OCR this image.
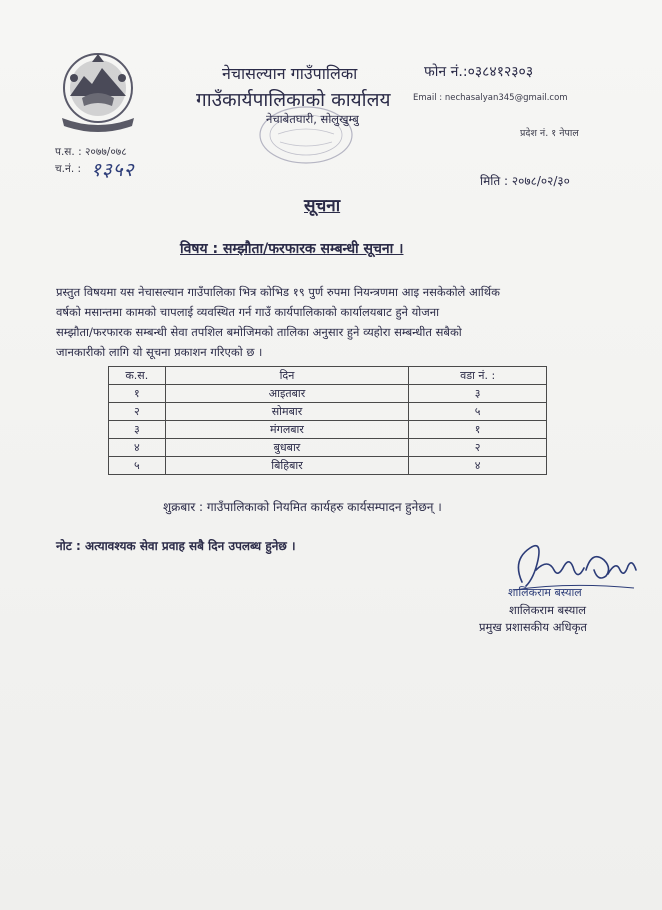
नेचासल्यान गाउँपालिका
गाउँकार्यपालिकाको कार्यालय
नेचाबेतघारी, सोलुखुम्बु
फोन नं.:०३८४१२३०३
Email : nechasalyan345@gmail.com
प्रदेश नं. १ नेपाल
प.स. : २०७७/०७८
च.नं. : १३५२	मिति : २०७८/०२/३०
सूचना
विषय : सम्झौता/फरफारक सम्बन्धी सूचना ।
प्रस्तुत विषयमा यस नेचासल्यान गाउँपालिका भित्र कोभिड १९ पुर्ण रुपमा नियन्त्रणमा आइ नसकेकोले आर्थिक
वर्षको मसान्तमा कामको चापलाई व्यवस्थित गर्न गाउँ कार्यपालिकाको कार्यालयबाट हुने योजना
सम्झौता/फरफारक सम्बन्धी सेवा तपशिल बमोजिमको तालिका अनुसार हुने व्यहोरा सम्बन्धीत सबैको
जानकारीको लागि यो सूचना प्रकाशन गरिएको छ ।
क.स.	दिन	वडा नं. :
१	आइतबार	३
२	सोमबार	५
३	मंगलबार	१
४	बुधबार	२
५	बिहिबार	४
शुक्रबार : गाउँपालिकाको नियमित कार्यहरु कार्यसम्पादन हुनेछन् ।
नोट : अत्यावश्यक सेवा प्रवाह सबै दिन उपलब्ध हुनेछ ।
शालिकराम बस्याल
शालिकराम बस्याल
प्रमुख प्रशासकीय अधिकृत
